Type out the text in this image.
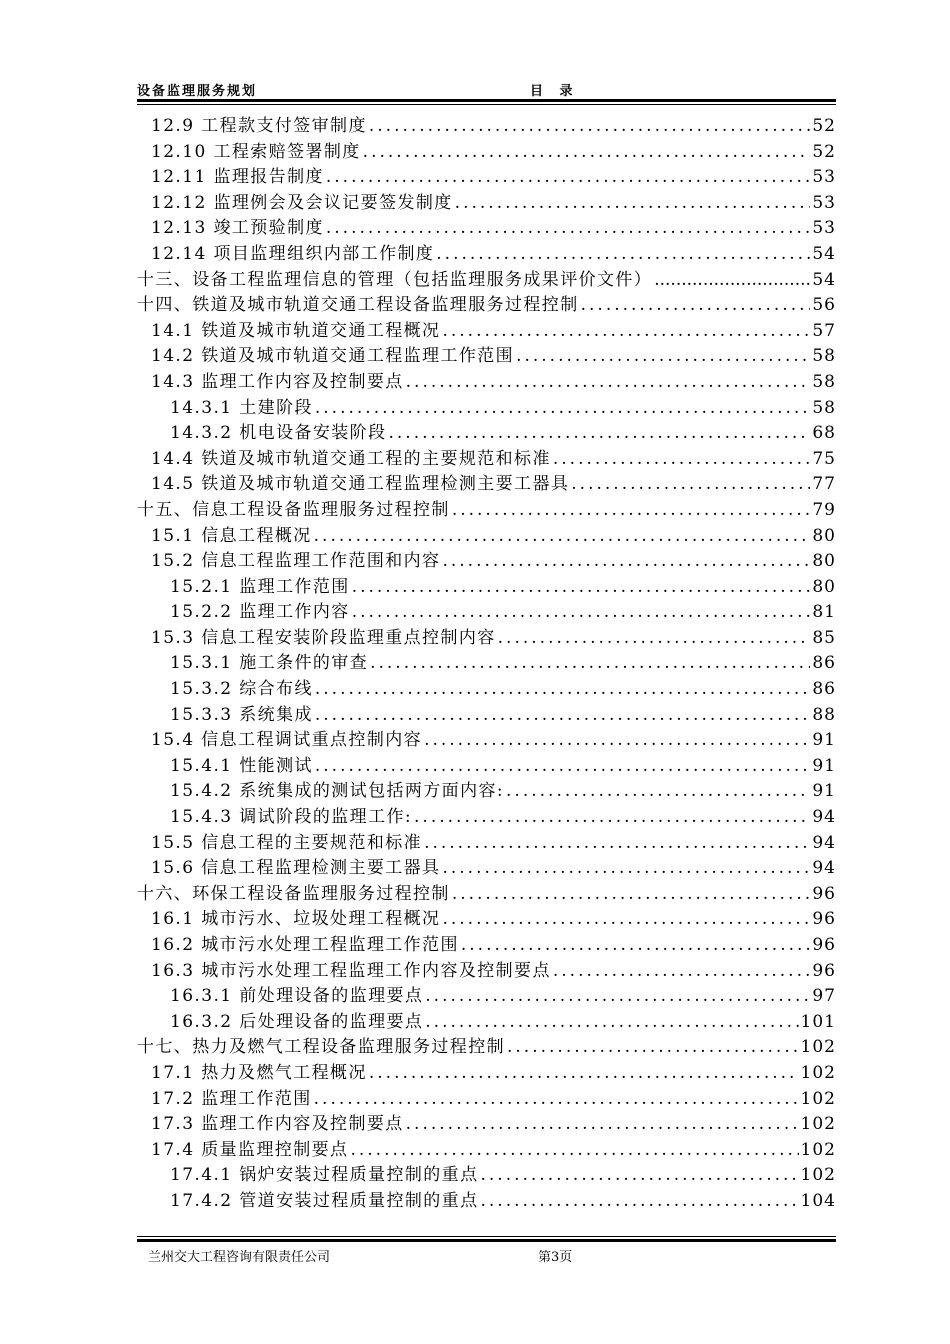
设备监理服务规划	目 录
12.9 工程款支付签审制度 .....	52
12.10 工程索赔签署制度 .....	52
12.11 监理报告制度 .....	53
12.12 监理例会及会议记要签发制度 .....	53
12.13 竣工预验制度 .....	53
12.14 项目监理组织内部工作制度 .....	54
十三、设备工程监理信息的管理（包括监理服务成果评价文件） .....	54
十四、铁道及城市轨道交通工程设备监理服务过程控制 .....	56
14.1 铁道及城市轨道交通工程概况 .....	57
14.2 铁道及城市轨道交通工程监理工作范围 .....	58
14.3 监理工作内容及控制要点 .....	58
14.3.1 土建阶段 .....	58
14.3.2 机电设备安装阶段 .....	68
14.4 铁道及城市轨道交通工程的主要规范和标准 .....	75
14.5 铁道及城市轨道交通工程监理检测主要工器具 .....	77
十五、信息工程设备监理服务过程控制 .....	79
15.1 信息工程概况 .....	80
15.2 信息工程监理工作范围和内容 .....	80
15.2.1 监理工作范围 .....	80
15.2.2 监理工作内容 .....	81
15.3 信息工程安装阶段监理重点控制内容 .....	85
15.3.1 施工条件的审查 .....	86
15.3.2 综合布线 .....	86
15.3.3 系统集成 .....	88
15.4 信息工程调试重点控制内容 .....	91
15.4.1 性能测试 .....	91
15.4.2 系统集成的测试包括两方面内容: .....	91
15.4.3 调试阶段的监理工作: .....	94
15.5 信息工程的主要规范和标准 .....	94
15.6 信息工程监理检测主要工器具 .....	94
十六、环保工程设备监理服务过程控制 .....	96
16.1 城市污水、垃圾处理工程概况 .....	96
16.2 城市污水处理工程监理工作范围 .....	96
16.3 城市污水处理工程监理工作内容及控制要点 .....	96
16.3.1 前处理设备的监理要点 .....	97
16.3.2 后处理设备的监理要点 .....	101
十七、热力及燃气工程设备监理服务过程控制 .....	102
17.1 热力及燃气工程概况 .....	102
17.2 监理工作范围 .....	102
17.3 监理工作内容及控制要点 .....	102
17.4 质量监理控制要点 .....	102
17.4.1 锅炉安装过程质量控制的重点 .....	102
17.4.2 管道安装过程质量控制的重点 .....	104
兰州交大工程咨询有限责任公司	第3页
